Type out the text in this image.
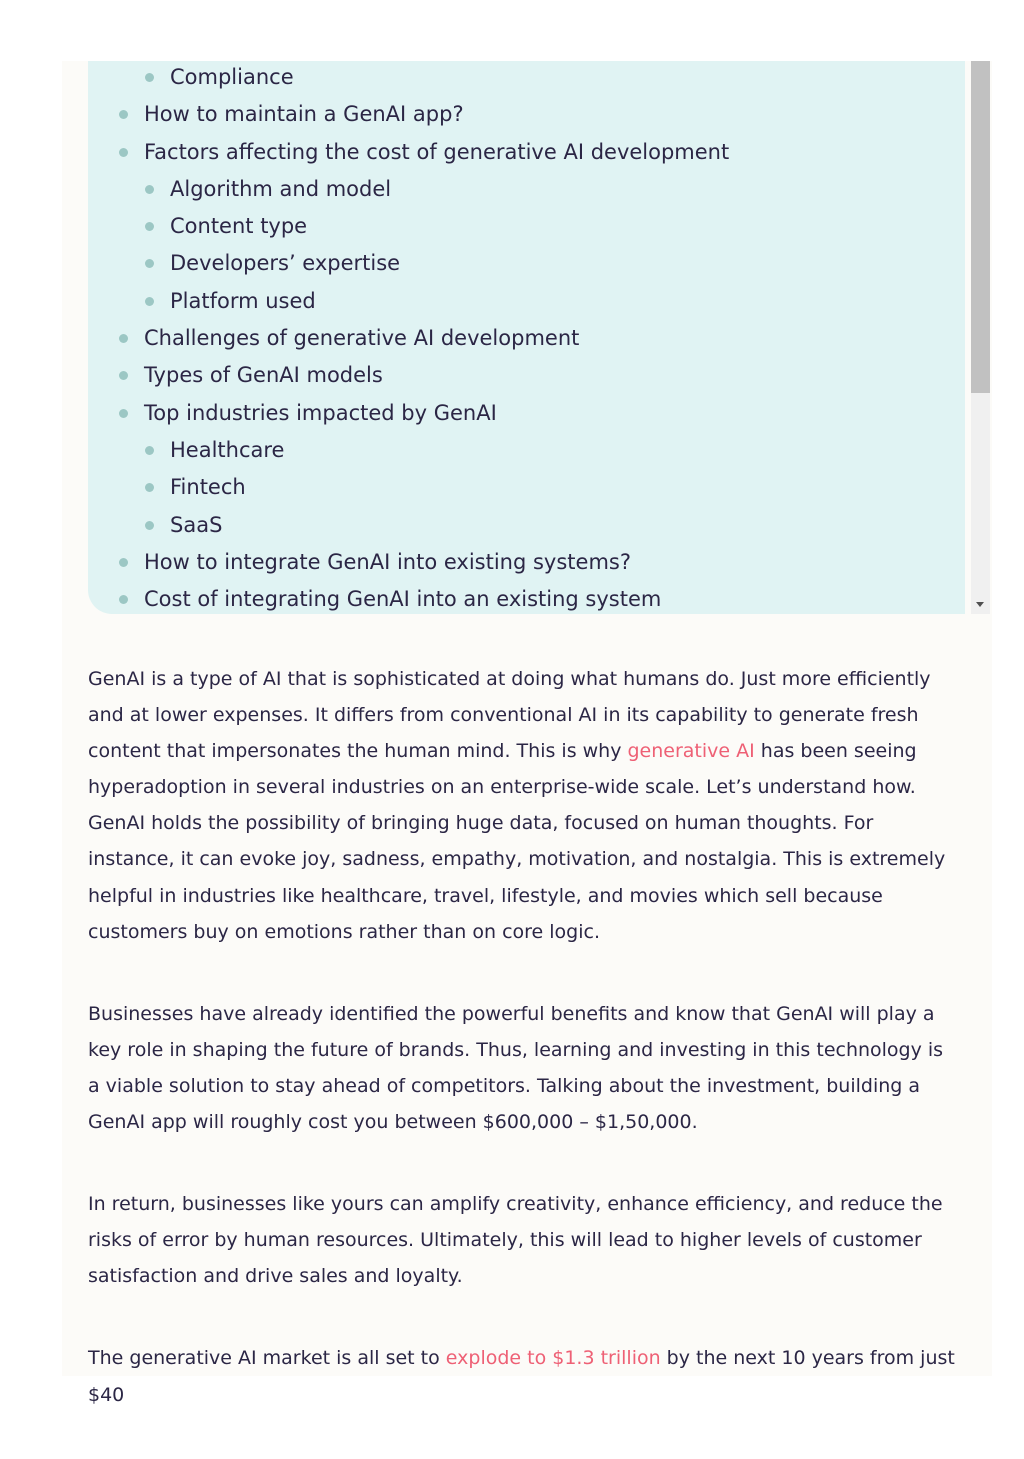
Compliance
How to maintain a GenAI app?
Factors affecting the cost of generative AI development
Algorithm and model
Content type
Developers’ expertise
Platform used
Challenges of generative AI development
Types of GenAI models
Top industries impacted by GenAI
Healthcare
Fintech
SaaS
How to integrate GenAI into existing systems?
Cost of integrating GenAI into an existing system

GenAI is a type of AI that is sophisticated at doing what humans do. Just more efficiently and at lower expenses. It differs from conventional AI in its capability to generate fresh content that impersonates the human mind. This is why generative AI has been seeing hyperadoption in several industries on an enterprise-wide scale. Let’s understand how. GenAI holds the possibility of bringing huge data, focused on human thoughts. For instance, it can evoke joy, sadness, empathy, motivation, and nostalgia. This is extremely helpful in industries like healthcare, travel, lifestyle, and movies which sell because customers buy on emotions rather than on core logic.

Businesses have already identified the powerful benefits and know that GenAI will play a key role in shaping the future of brands. Thus, learning and investing in this technology is a viable solution to stay ahead of competitors. Talking about the investment, building a GenAI app will roughly cost you between $600,000 – $1,50,000.

In return, businesses like yours can amplify creativity, enhance efficiency, and reduce the risks of error by human resources. Ultimately, this will lead to higher levels of customer satisfaction and drive sales and loyalty.

The generative AI market is all set to explode to $1.3 trillion by the next 10 years from just $40
